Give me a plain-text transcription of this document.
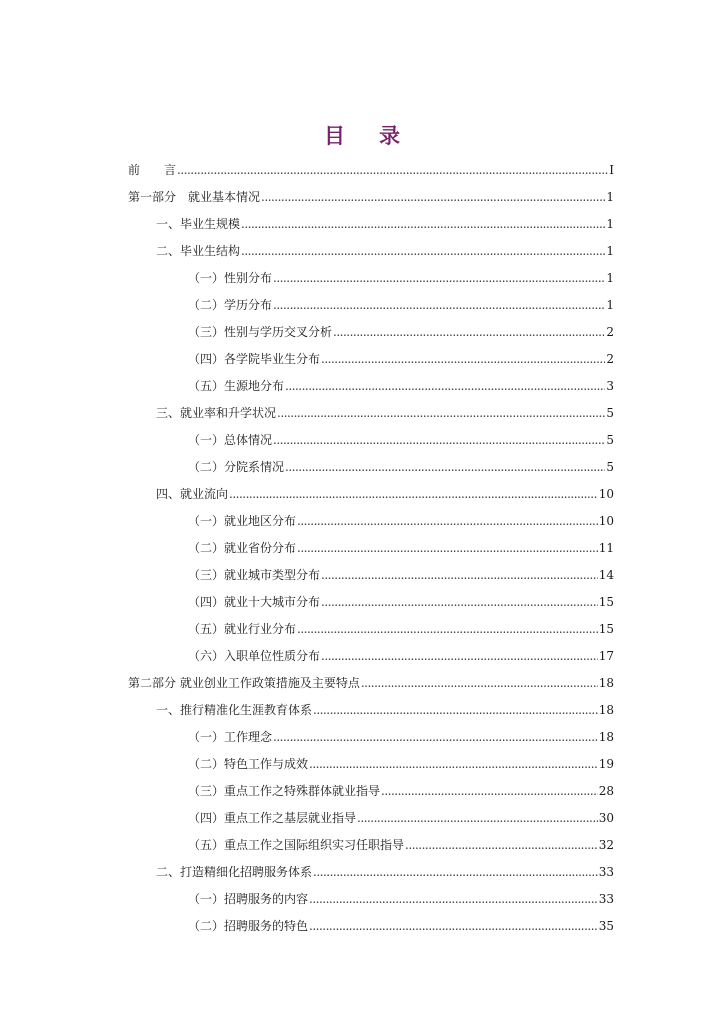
目 录
前　　言 .....	I
第一部分　就业基本情况 .....	1
一、毕业生规模 .....	1
二、毕业生结构 .....	1
（一）性别分布 .....	1
（二）学历分布 .....	1
（三）性别与学历交叉分析 .....	2
（四）各学院毕业生分布 .....	2
（五）生源地分布 .....	3
三、就业率和升学状况 .....	5
（一）总体情况 .....	5
（二）分院系情况 .....	5
四、就业流向 .....	10
（一）就业地区分布 .....	10
（二）就业省份分布 .....	11
（三）就业城市类型分布 .....	14
（四）就业十大城市分布 .....	15
（五）就业行业分布 .....	15
（六）入职单位性质分布 .....	17
第二部分 就业创业工作政策措施及主要特点 .....	18
一、推行精准化生涯教育体系 .....	18
（一）工作理念 .....	18
（二）特色工作与成效 .....	19
（三）重点工作之特殊群体就业指导 .....	28
（四）重点工作之基层就业指导 .....	30
（五）重点工作之国际组织实习任职指导 .....	32
二、打造精细化招聘服务体系 .....	33
（一）招聘服务的内容 .....	33
（二）招聘服务的特色 .....	35
